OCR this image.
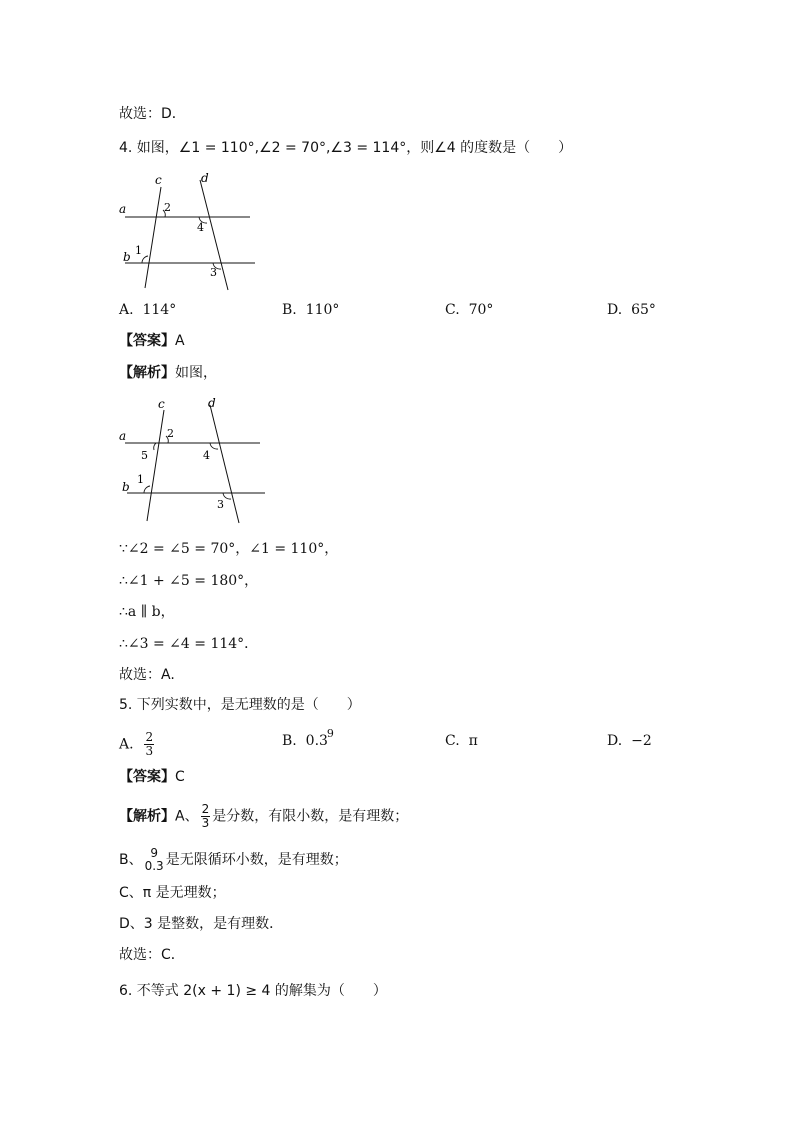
故选：D．
4. 如图，∠1 = 110°,∠2 = 70°,∠3 = 114°，则∠4 的度数是（　　）
a
b
c	d
2
1
4
3
A. 114°	B. 110°	C. 70°	D. 65°
【答案】A
【解析】如图，
a
b
c	d
2
5
1
4
3
∵∠2 = ∠5 = 70°，∠1 = 110°，
∴∠1 + ∠5 = 180°，
∴a ∥ b，
∴∠3 = ∠4 = 114°．
故选：A.
5. 下列实数中，是无理数的是（　　）
A. $\frac{2}{3}$	B. 0.3 9	C. π	D. −2
【答案】C
【解析】A、 $\frac{2}{3}$ 是分数，有限小数，是有理数；
B、 9
0.3 是无限循环小数，是有理数；
C、π 是无理数；
D、3 是整数，是有理数．
故选：C．
6. 不等式 2(x + 1) ≥ 4 的解集为（　　）
